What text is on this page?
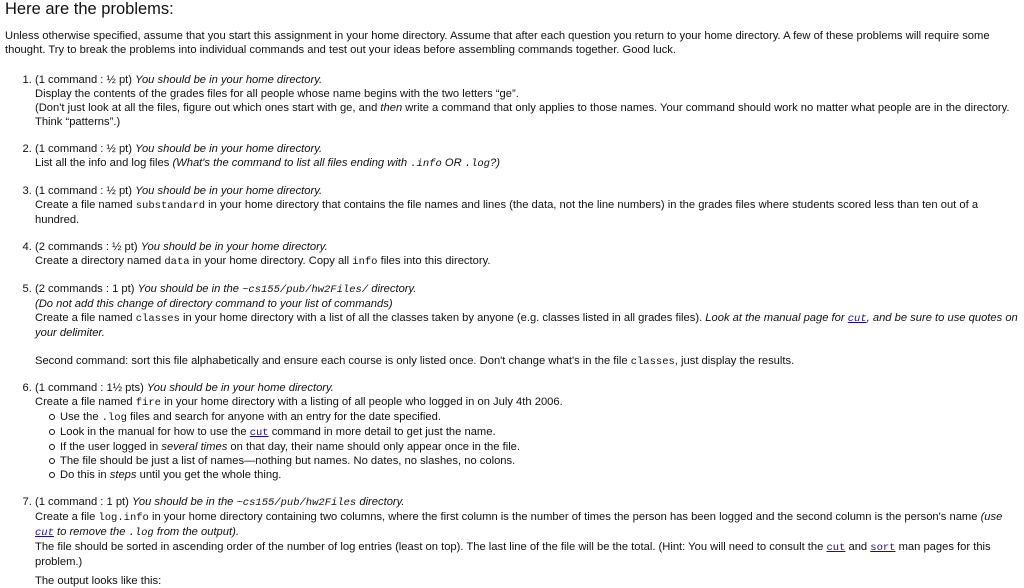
Here are the problems:

Unless otherwise specified, assume that you start this assignment in your home directory. Assume that after each question you return to your home directory. A few of these problems will require some thought. Try to break the problems into individual commands and test out your ideas before assembling commands together. Good luck.

1. (1 command : ½ pt) You should be in your home directory.
Display the contents of the grades files for all people whose name begins with the two letters “ge”.
(Don't just look at all the files, figure out which ones start with ge, and then write a command that only applies to those names. Your command should work no matter what people are in the directory. Think “patterns”.)
2. (1 command : ½ pt) You should be in your home directory.
List all the info and log files (What's the command to list all files ending with .info OR .log?)
3. (1 command : ½ pt) You should be in your home directory.
Create a file named substandard in your home directory that contains the file names and lines (the data, not the line numbers) in the grades files where students scored less than ten out of a hundred.
4. (2 commands : ½ pt) You should be in your home directory.
Create a directory named data in your home directory. Copy all info files into this directory.
5. (2 commands : 1 pt) You should be in the ~cs155/pub/hw2Files/ directory.
(Do not add this change of directory command to your list of commands)
Create a file named classes in your home directory with a list of all the classes taken by anyone (e.g. classes listed in all grades files). Look at the manual page for cut, and be sure to use quotes on your delimiter.
Second command: sort this file alphabetically and ensure each course is only listed once. Don't change what's in the file classes, just display the results.
6. (1 command : 1½ pts) You should be in your home directory.
Create a file named fire in your home directory with a listing of all people who logged in on July 4th 2006.
Use the .log files and search for anyone with an entry for the date specified.
Look in the manual for how to use the cut command in more detail to get just the name.
If the user logged in several times on that day, their name should only appear once in the file.
The file should be just a list of names—nothing but names. No dates, no slashes, no colons.
Do this in steps until you get the whole thing.
7. (1 command : 1 pt) You should be in the ~cs155/pub/hw2Files directory.
Create a file log.info in your home directory containing two columns, where the first column is the number of times the person has been logged and the second column is the person's name (use cut to remove the .log from the output).
The file should be sorted in ascending order of the number of log entries (least on top). The last line of the file will be the total. (Hint: You will need to consult the cut and sort man pages for this problem.)
The output looks like this:
